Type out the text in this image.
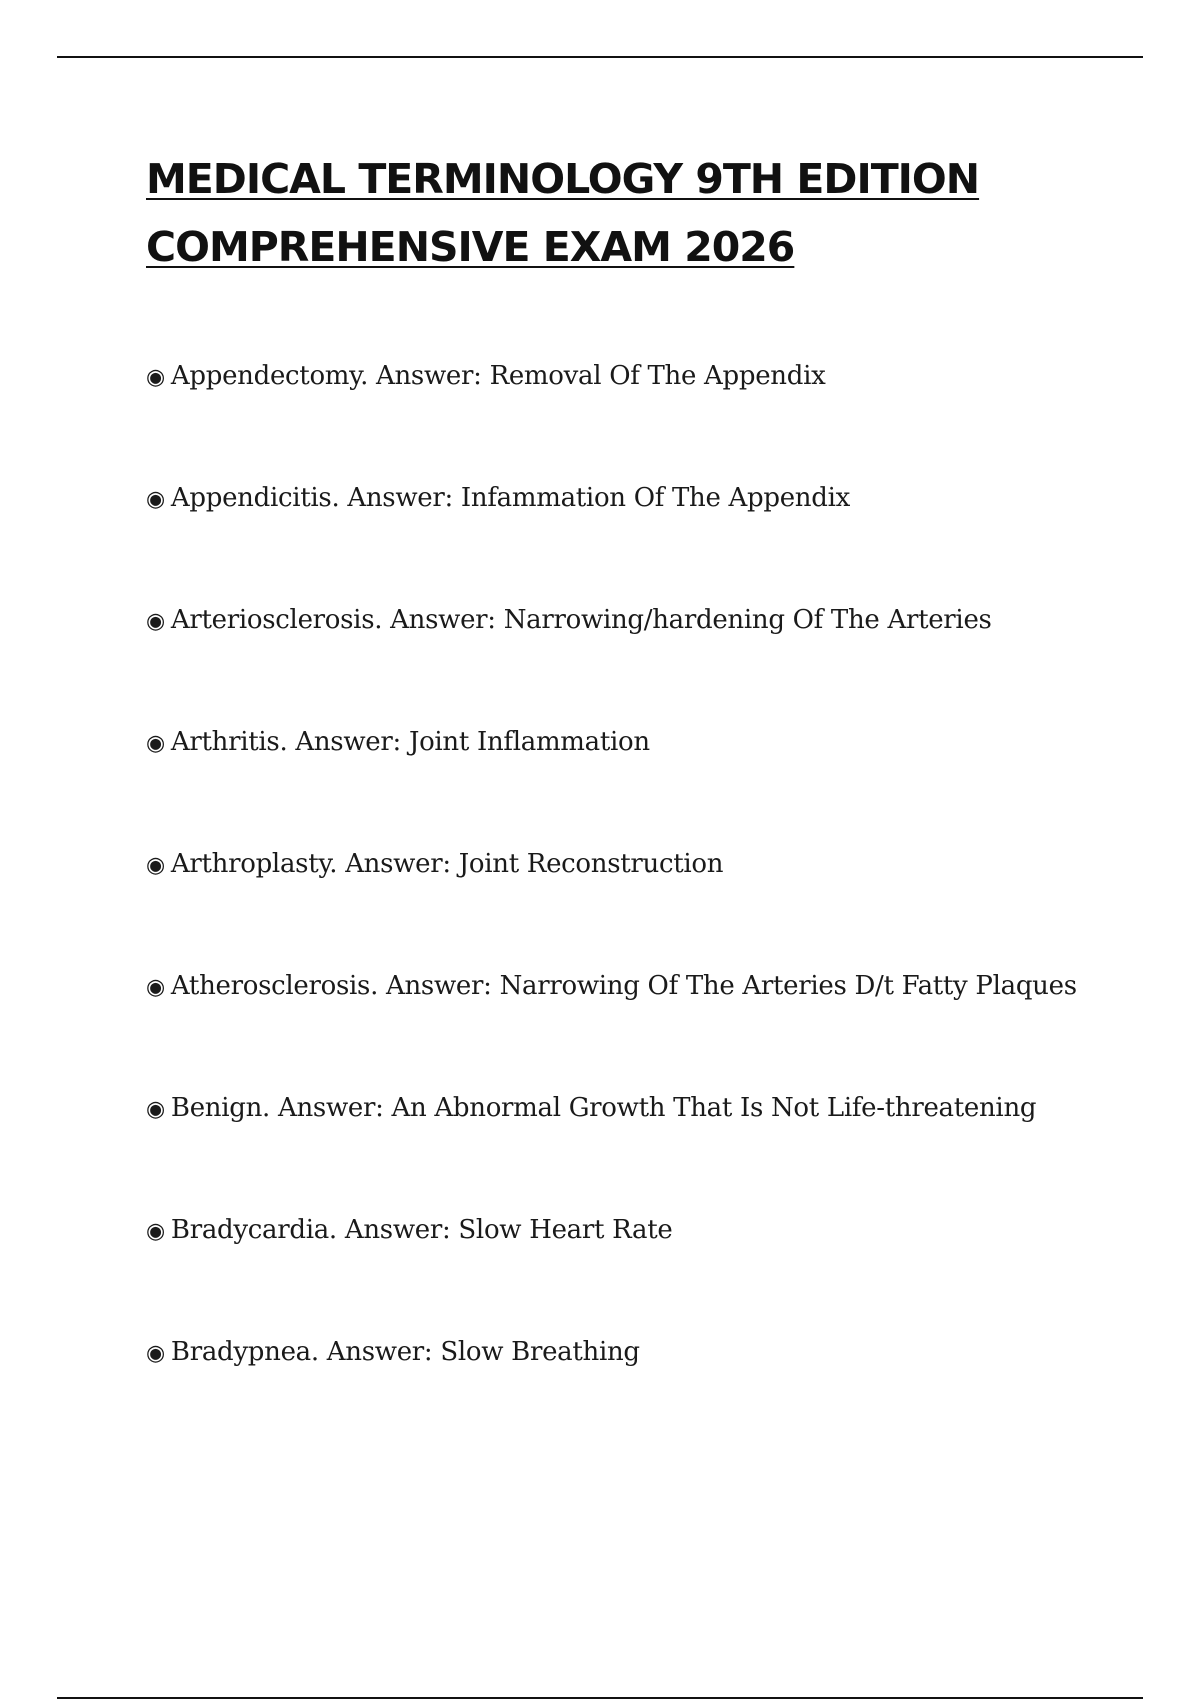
MEDICAL TERMINOLOGY 9TH EDITION
COMPREHENSIVE EXAM 2026
◉ Appendectomy. Answer: Removal Of The Appendix
◉ Appendicitis. Answer: Infammation Of The Appendix
◉ Arteriosclerosis. Answer: Narrowing/hardening Of The Arteries
◉ Arthritis. Answer: Joint Inflammation
◉ Arthroplasty. Answer: Joint Reconstruction
◉ Atherosclerosis. Answer: Narrowing Of The Arteries D/t Fatty Plaques
◉ Benign. Answer: An Abnormal Growth That Is Not Life-threatening
◉ Bradycardia. Answer: Slow Heart Rate
◉ Bradypnea. Answer: Slow Breathing
